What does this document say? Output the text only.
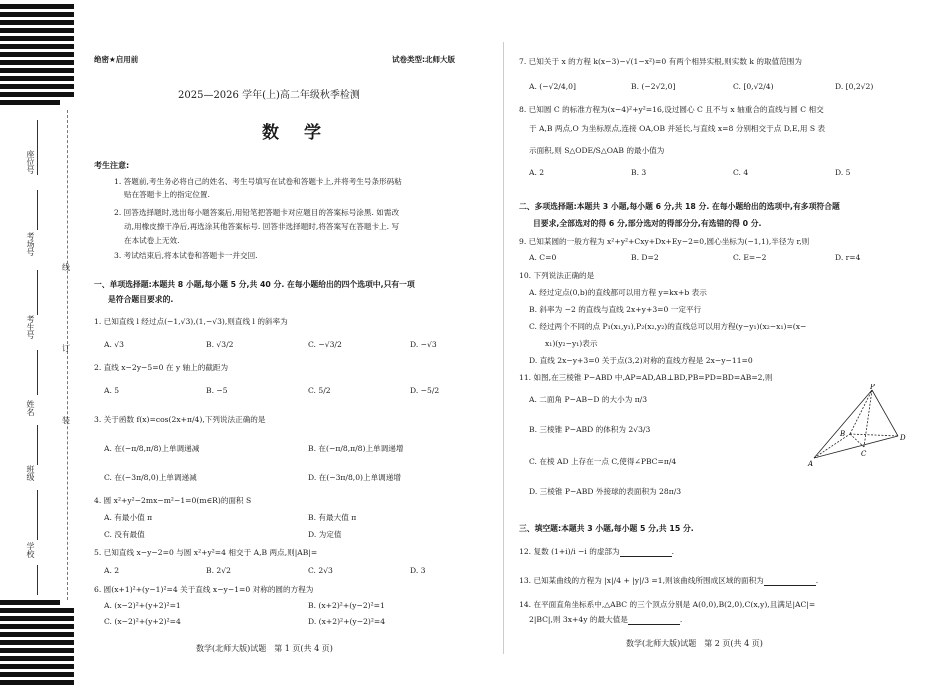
座位号
考场号
考生号
姓名
班级
学校
线
订
装
绝密★启用前	试卷类型:北师大版
2025—2026 学年(上)高二年级秋季检测
数　学
考生注意:
1. 答题前,考生务必将自己的姓名、考生号填写在试卷和答题卡上,并将考生号条形码粘
贴在答题卡上的指定位置.
2. 回答选择题时,选出每小题答案后,用铅笔把答题卡对应题目的答案标号涂黑. 如需改
动,用橡皮擦干净后,再选涂其他答案标号. 回答非选择题时,将答案写在答题卡上. 写
在本试卷上无效.
3. 考试结束后,将本试卷和答题卡一并交回.
一、单项选择题:本题共 8 小题,每小题 5 分,共 40 分. 在每小题给出的四个选项中,只有一项
是符合题目要求的.
1. 已知直线 l 经过点(−1,√3),(1,−√3),则直线 l 的斜率为
A. √3	B. √3/2	C. −√3/2	D. −√3
2. 直线 x−2y−5=0 在 y 轴上的截距为
A. 5	B. −5	C. 5/2	D. −5/2
3. 关于函数 f(x)=cos(2x+π/4),下列说法正确的是
A. 在(−π/8,π/8)上单调递减	B. 在(−π/8,π/8)上单调递增
C. 在(−3π/8,0)上单调递减	D. 在(−3π/8,0)上单调递增
4. 圆 x²+y²−2mx−m²−1=0(m∈R)的面积 S
A. 有最小值 π	B. 有最大值 π
C. 没有最值	D. 为定值
5. 已知直线 x−y−2=0 与圆 x²+y²=4 相交于 A,B 两点,则|AB|=
A. 2	B. 2√2	C. 2√3	D. 3
6. 圆(x+1)²+(y−1)²=4 关于直线 x−y−1=0 对称的圆的方程为
A. (x−2)²+(y+2)²=1	B. (x+2)²+(y−2)²=1
C. (x−2)²+(y+2)²=4	D. (x+2)²+(y−2)²=4
数学(北师大版)试题　第 1 页(共 4 页)
7. 已知关于 x 的方程 k(x−3)−√(1−x²)=0 有两个相异实根,则实数 k 的取值范围为
A. (−√2/4,0]	B. (−2√2,0]	C. [0,√2/4)	D. [0,2√2)
8. 已知圆 C 的标准方程为(x−4)²+y²=16,设过圆心 C 且不与 x 轴重合的直线与圆 C 相交
于 A,B 两点,O 为坐标原点,连接 OA,OB 并延长,与直线 x=8 分别相交于点 D,E,用 S 表
示面积,则 S△ODE/S△OAB 的最小值为
A. 2	B. 3	C. 4	D. 5
二、多项选择题:本题共 3 小题,每小题 6 分,共 18 分. 在每小题给出的选项中,有多项符合题
目要求,全部选对的得 6 分,部分选对的得部分分,有选错的得 0 分.
9. 已知某圆的一般方程为 x²+y²+Cxy+Dx+Ey−2=0,圆心坐标为(−1,1),半径为 r,则
A. C=0	B. D=2	C. E=−2	D. r=4
10. 下列说法正确的是
A. 经过定点(0,b)的直线都可以用方程 y=kx+b 表示
B. 斜率为 −2 的直线与直线 2x+y+3=0 一定平行
C. 经过两个不同的点 P₁(x₁,y₁),P₂(x₂,y₂)的直线总可以用方程(y−y₁)(x₂−x₁)=(x−
x₁)(y₂−y₁)表示
D. 直线 2x−y+3=0 关于点(3,2)对称的直线方程是 2x−y−11=0
11. 如图,在三棱锥 P−ABD 中,AP=AD,AB⊥BD,PB=PD=BD=AB=2,则
A. 二面角 P−AB−D 的大小为 π/3
B. 三棱锥 P−ABD 的体积为 2√3/3
C. 在棱 AD 上存在一点 C,使得∠PBC=π/4
D. 三棱锥 P−ABD 外接球的表面积为 28π/3
P
B
C
D
A
三、填空题:本题共 3 小题,每小题 5 分,共 15 分.
12. 复数 (1+i)/i −i 的虚部为	.
13. 已知某曲线的方程为 |x|/4 + |y|/3 =1,则该曲线所围成区域的面积为	.
14. 在平面直角坐标系中,△ABC 的三个顶点分别是 A(0,0),B(2,0),C(x,y),且满足|AC|=
2|BC|,则 3x+4y 的最大值是	.
数学(北师大版)试题　第 2 页(共 4 页)
